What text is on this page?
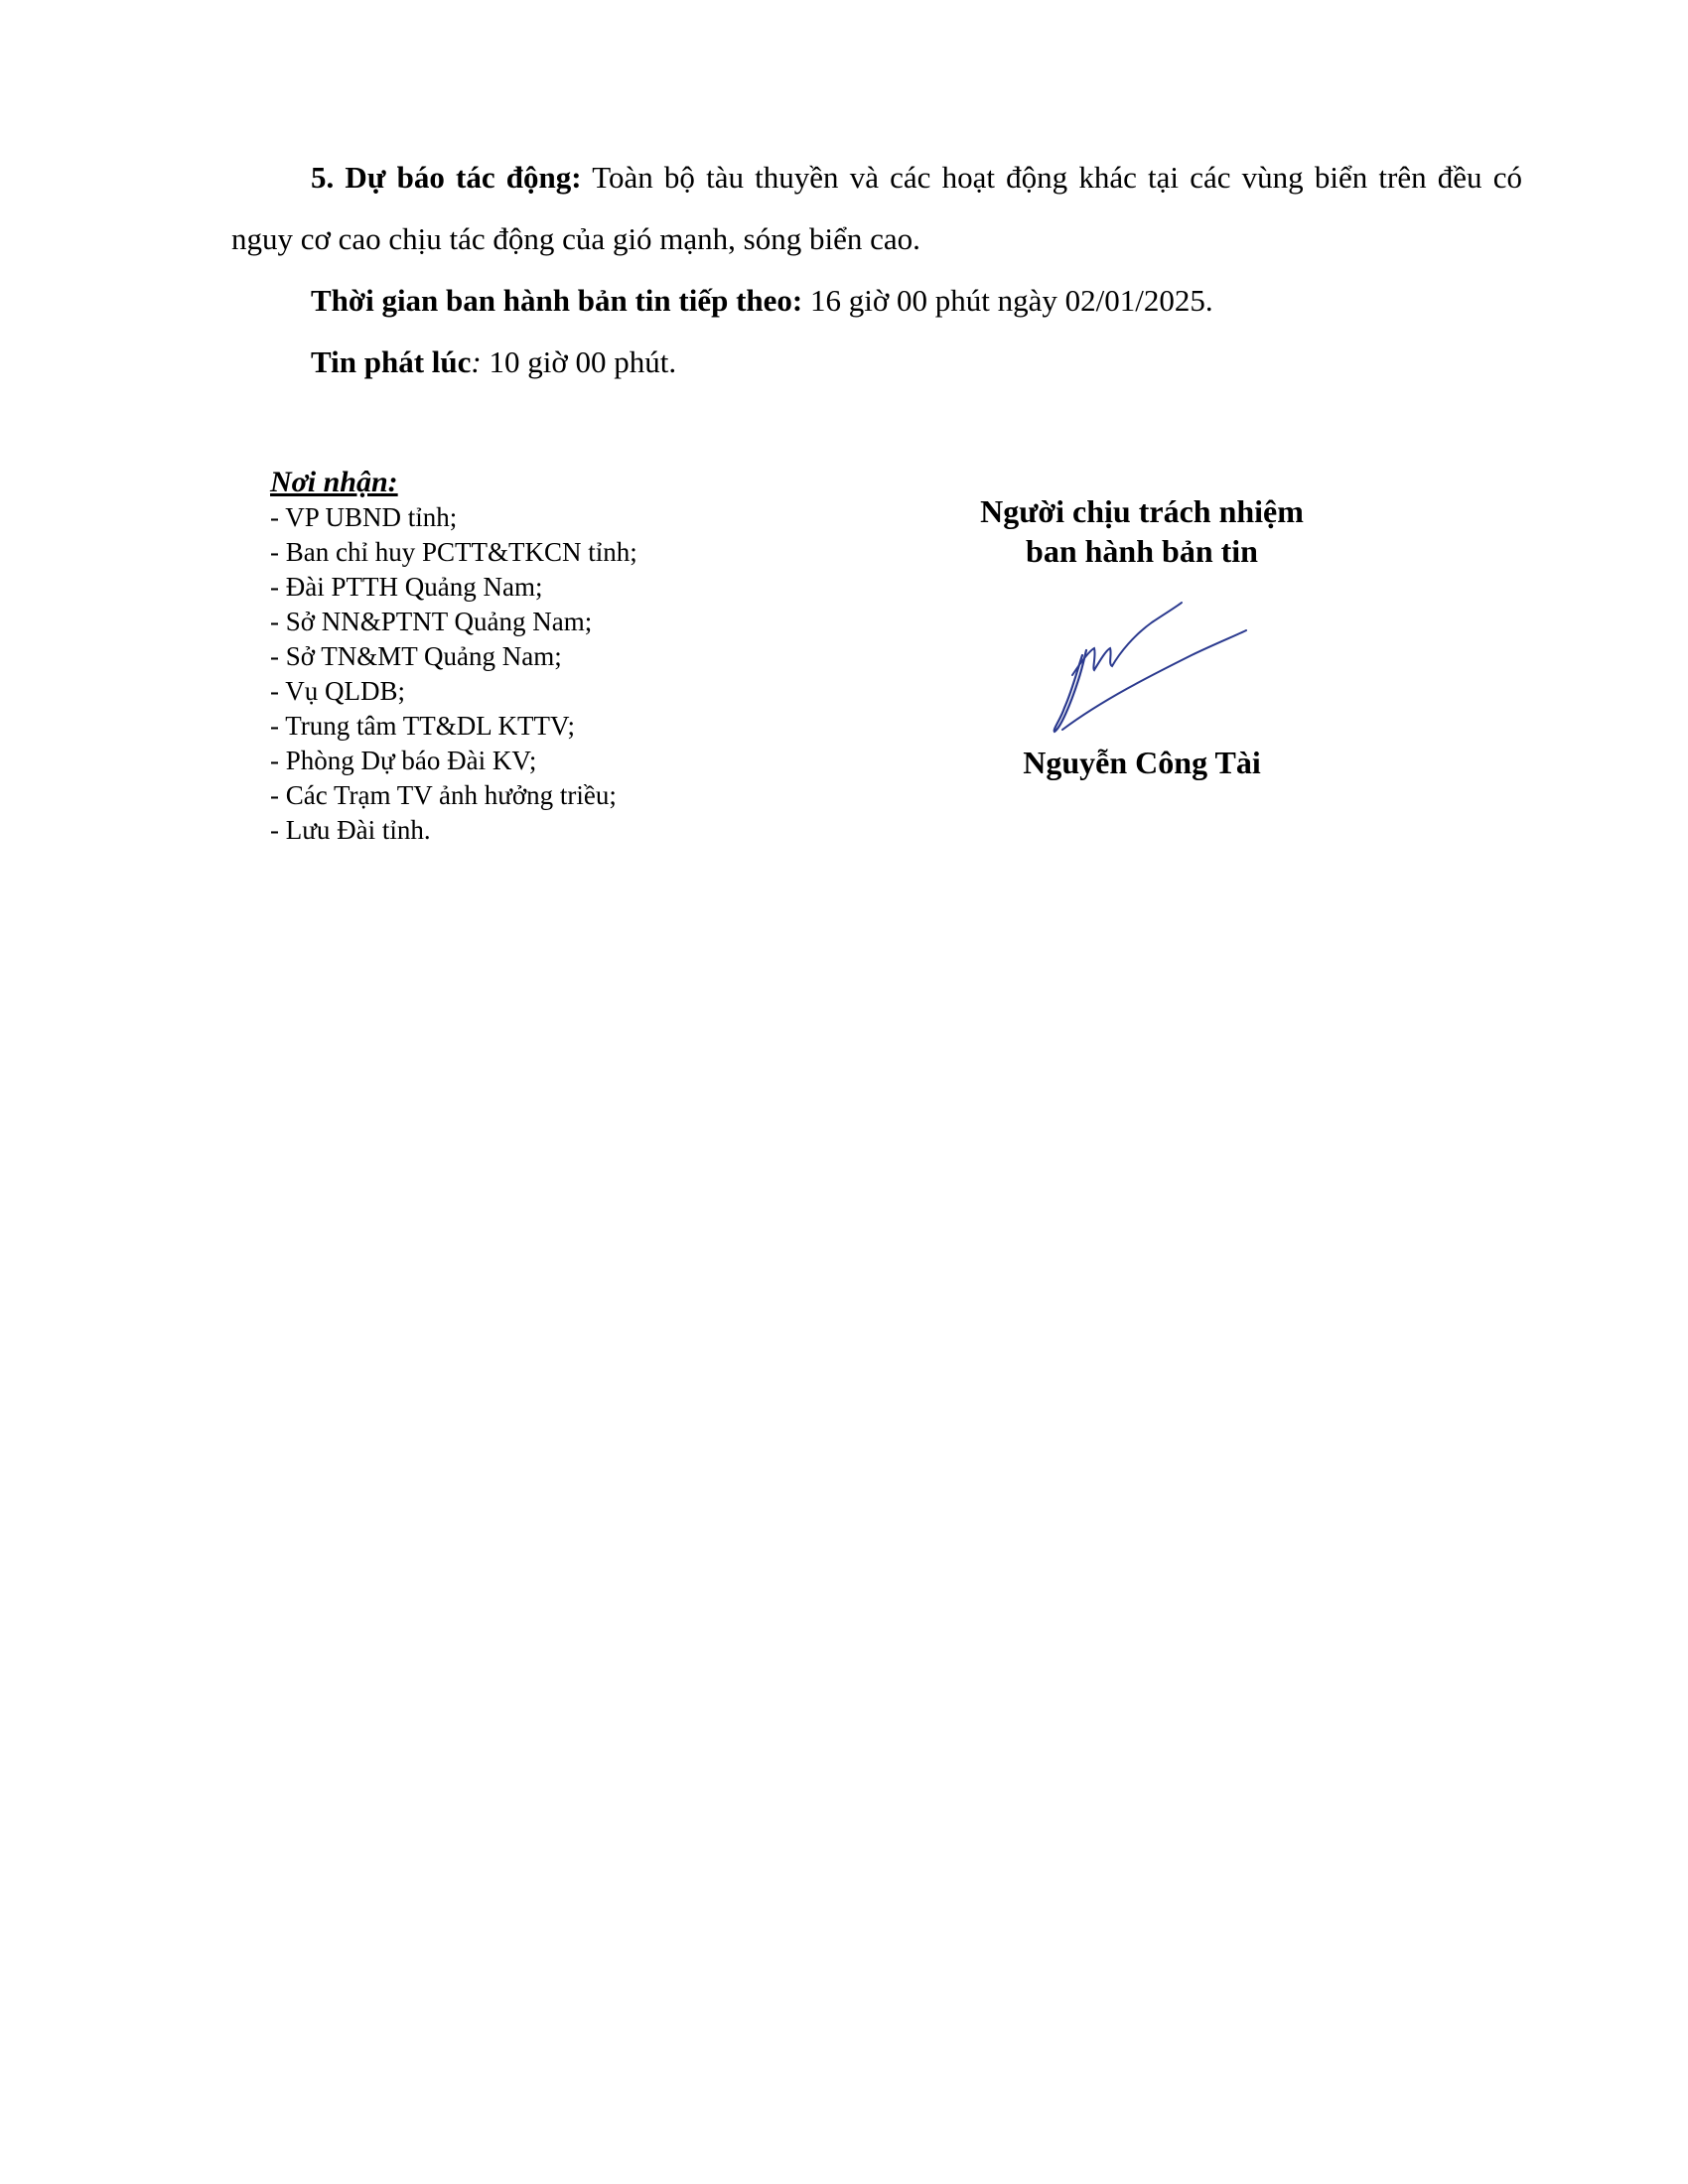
5. Dự báo tác động: Toàn bộ tàu thuyền và các hoạt động khác tại các vùng biển trên đều có nguy cơ cao chịu tác động của gió mạnh, sóng biển cao.

Thời gian ban hành bản tin tiếp theo: 16 giờ 00 phút ngày 02/01/2025.

Tin phát lúc: 10 giờ 00 phút.

Nơi nhận:
- VP UBND tỉnh;
- Ban chỉ huy PCTT&TKCN tỉnh;
- Đài PTTH Quảng Nam;
- Sở NN&PTNT Quảng Nam;
- Sở TN&MT Quảng Nam;
- Vụ QLDB;
- Trung tâm TT&DL KTTV;
- Phòng Dự báo Đài KV;
- Các Trạm TV ảnh hưởng triều;
- Lưu Đài tỉnh.
Người chịu trách nhiệm
ban hành bản tin
Nguyễn Công Tài
